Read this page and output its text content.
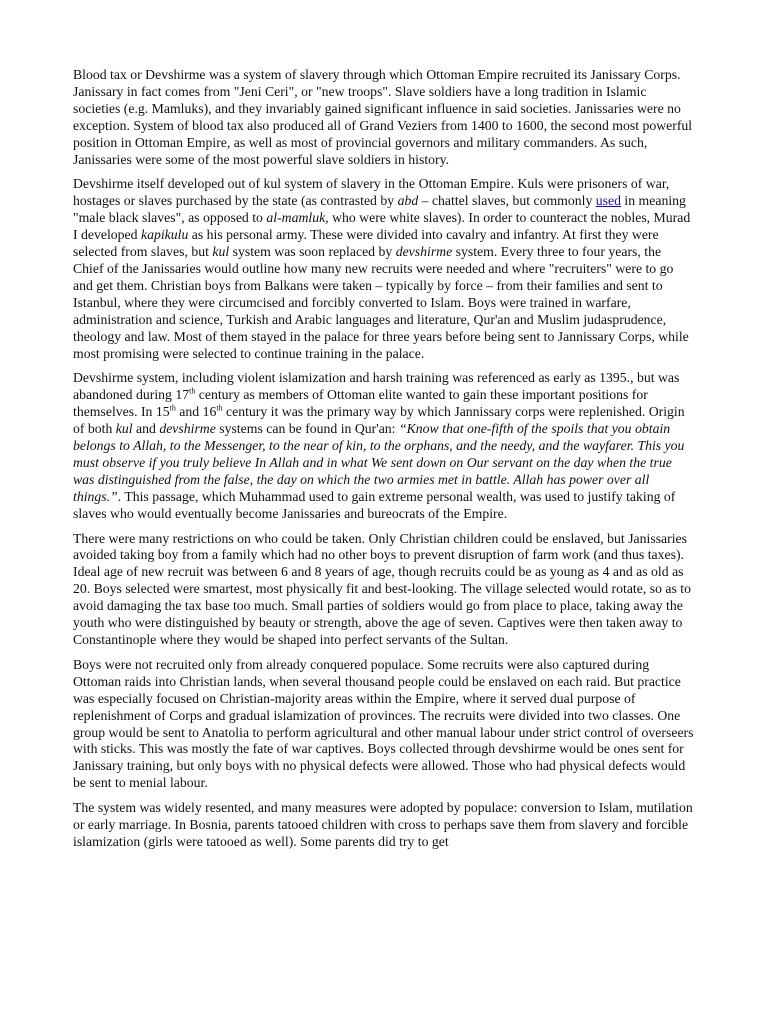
Blood tax or Devshirme was a system of slavery through which Ottoman Empire recruited its Janissary Corps. Janissary in fact comes from "Jeni Ceri", or "new troops". Slave soldiers have a long tradition in Islamic societies (e.g. Mamluks), and they invariably gained significant influence in said societies. Janissaries were no exception. System of blood tax also produced all of Grand Veziers from 1400 to 1600, the second most powerful position in Ottoman Empire, as well as most of provincial governors and military commanders. As such, Janissaries were some of the most powerful slave soldiers in history.

Devshirme itself developed out of kul system of slavery in the Ottoman Empire. Kuls were prisoners of war, hostages or slaves purchased by the state (as contrasted by abd – chattel slaves, but commonly used in meaning "male black slaves", as opposed to al-mamluk, who were white slaves). In order to counteract the nobles, Murad I developed kapikulu as his personal army. These were divided into cavalry and infantry. At first they were selected from slaves, but kul system was soon replaced by devshirme system. Every three to four years, the Chief of the Janissaries would outline how many new recruits were needed and where "recruiters" were to go and get them. Christian boys from Balkans were taken – typically by force – from their families and sent to Istanbul, where they were circumcised and forcibly converted to Islam. Boys were trained in warfare, administration and science, Turkish and Arabic languages and literature, Qur'an and Muslim judasprudence, theology and law. Most of them stayed in the palace for three years before being sent to Jannissary Corps, while most promising were selected to continue training in the palace.

Devshirme system, including violent islamization and harsh training was referenced as early as 1395., but was abandoned during 17th century as members of Ottoman elite wanted to gain these important positions for themselves. In 15th and 16th century it was the primary way by which Jannissary corps were replenished. Origin of both kul and devshirme systems can be found in Qur'an: “Know that one-fifth of the spoils that you obtain belongs to Allah, to the Messenger, to the near of kin, to the orphans, and the needy, and the wayfarer. This you must observe if you truly believe In Allah and in what We sent down on Our servant on the day when the true was distinguished from the false, the day on which the two armies met in battle. Allah has power over all things.”. This passage, which Muhammad used to gain extreme personal wealth, was used to justify taking of slaves who would eventually become Janissaries and bureocrats of the Empire.

There were many restrictions on who could be taken. Only Christian children could be enslaved, but Janissaries avoided taking boy from a family which had no other boys to prevent disruption of farm work (and thus taxes). Ideal age of new recruit was between 6 and 8 years of age, though recruits could be as young as 4 and as old as 20. Boys selected were smartest, most physically fit and best-looking. The village selected would rotate, so as to avoid damaging the tax base too much. Small parties of soldiers would go from place to place, taking away the youth who were distinguished by beauty or strength, above the age of seven. Captives were then taken away to Constantinople where they would be shaped into perfect servants of the Sultan.

Boys were not recruited only from already conquered populace. Some recruits were also captured during Ottoman raids into Christian lands, when several thousand people could be enslaved on each raid. But practice was especially focused on Christian-majority areas within the Empire, where it served dual purpose of replenishment of Corps and gradual islamization of provinces. The recruits were divided into two classes. One group would be sent to Anatolia to perform agricultural and other manual labour under strict control of overseers with sticks. This was mostly the fate of war captives. Boys collected through devshirme would be ones sent for Janissary training, but only boys with no physical defects were allowed. Those who had physical defects would be sent to menial labour.

The system was widely resented, and many measures were adopted by populace: conversion to Islam, mutilation or early marriage. In Bosnia, parents tatooed children with cross to perhaps save them from slavery and forcible islamization (girls were tatooed as well). Some parents did try to get
